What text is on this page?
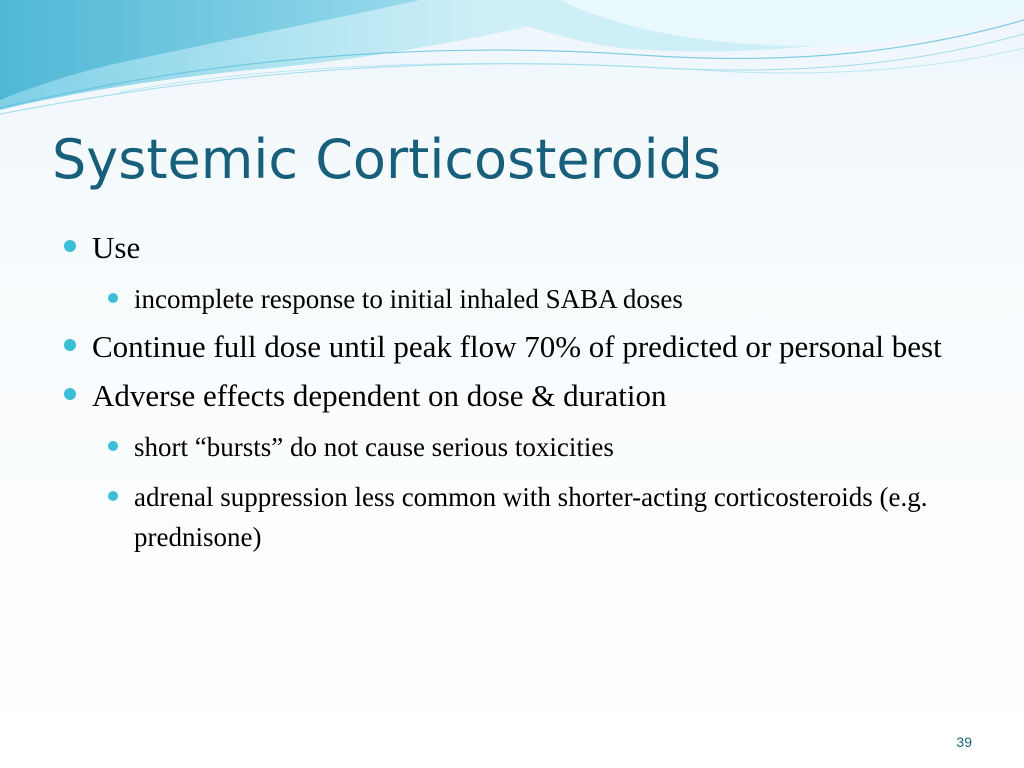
Systemic Corticosteroids
Use
incomplete response to initial inhaled SABA doses
Continue full dose until peak flow 70% of predicted or personal best
Adverse effects dependent on dose & duration
short “bursts” do not cause serious toxicities
adrenal suppression less common with shorter-acting corticosteroids (e.g. prednisone)
39
